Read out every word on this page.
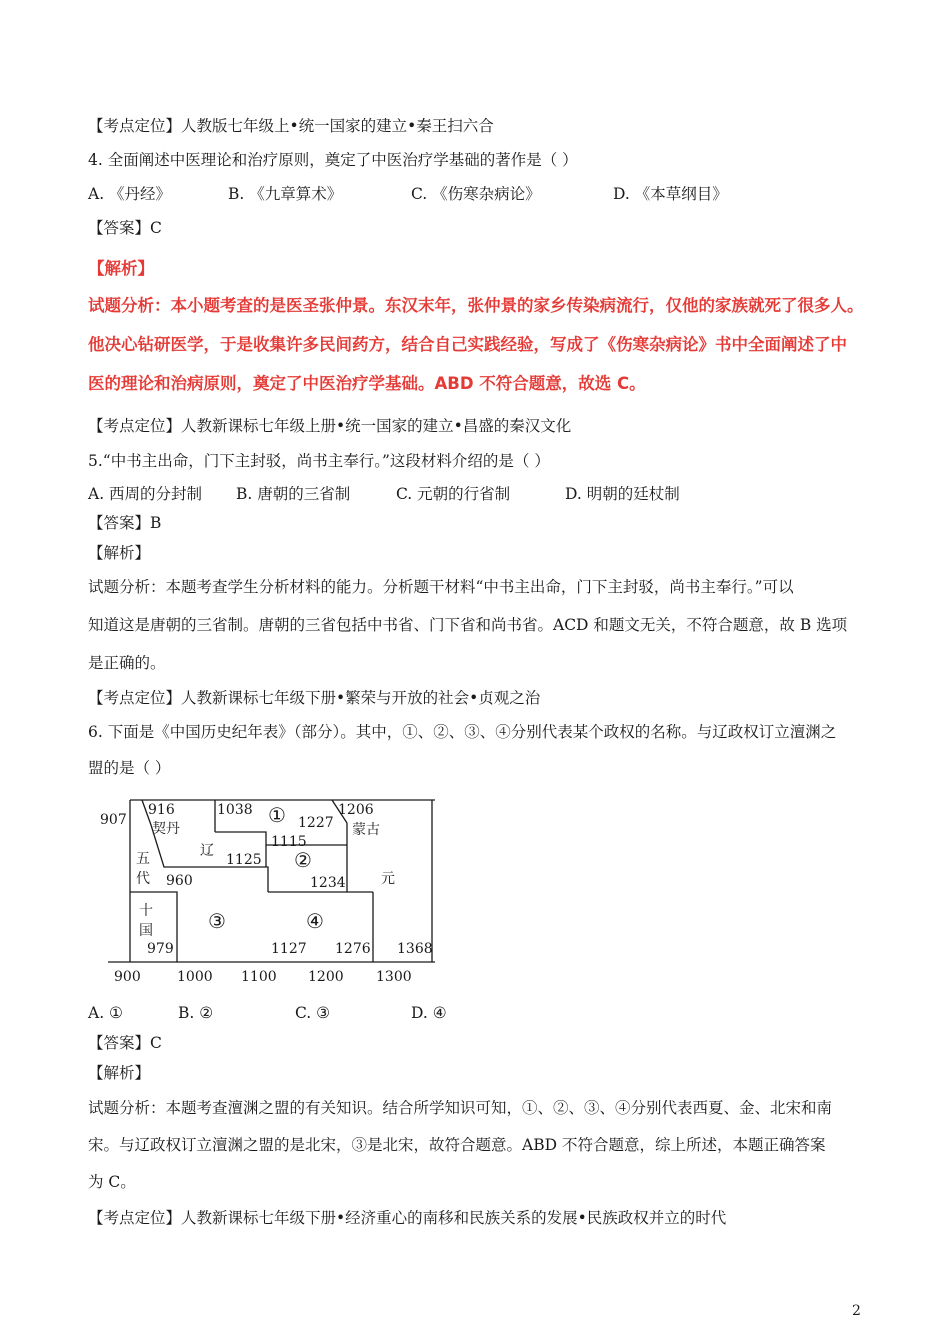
【考点定位】人教版七年级上•统一国家的建立•秦王扫六合
4. 全面阐述中医理论和治疗原则，奠定了中医治疗学基础的著作是（ ）
A. 《丹经》	B. 《九章算术》	C. 《伤寒杂病论》	D. 《本草纲目》
【答案】C
【解析】
试题分析：本小题考查的是医圣张仲景。东汉末年，张仲景的家乡传染病流行，仅他的家族就死了很多人。
他决心钻研医学，于是收集许多民间药方，结合自己实践经验，写成了《伤寒杂病论》书中全面阐述了中
医的理论和治病原则，奠定了中医治疗学基础。ABD 不符合题意，故选 C。
【考点定位】人教新课标七年级上册•统一国家的建立•昌盛的秦汉文化
5.“中书主出命，门下主封驳，尚书主奉行。”这段材料介绍的是（ ）
A. 西周的分封制 B. 唐朝的三省制	C. 元朝的行省制	D. 明朝的廷杖制
【答案】B
【解析】
试题分析：本题考查学生分析材料的能力。分析题干材料“中书主出命，门下主封驳，尚书主奉行。”可以
知道这是唐朝的三省制。唐朝的三省包括中书省、门下省和尚书省。ACD 和题文无关，不符合题意，故 B 选项
是正确的。
【考点定位】人教新课标七年级下册•繁荣与开放的社会•贞观之治
6. 下面是《中国历史纪年表》（部分）。其中，①、②、③、④分别代表某个政权的名称。与辽政权订立澶渊之
盟的是（ ）
907
916	1038 ① 1227
1206
蒙古
契丹
辽
1115
1125 ②
五
代 960	1234	元
十
国
979
③	④
1127 1276 1368
900	1000 1100 1200 1300
A. ①	B. ②	C. ③	D. ④
【答案】C
【解析】
试题分析：本题考查澶渊之盟的有关知识。结合所学知识可知，①、②、③、④分别代表西夏、金、北宋和南
宋。与辽政权订立澶渊之盟的是北宋，③是北宋，故符合题意。ABD 不符合题意，综上所述，本题正确答案
为 C。
【考点定位】人教新课标七年级下册•经济重心的南移和民族关系的发展•民族政权并立的时代
2
